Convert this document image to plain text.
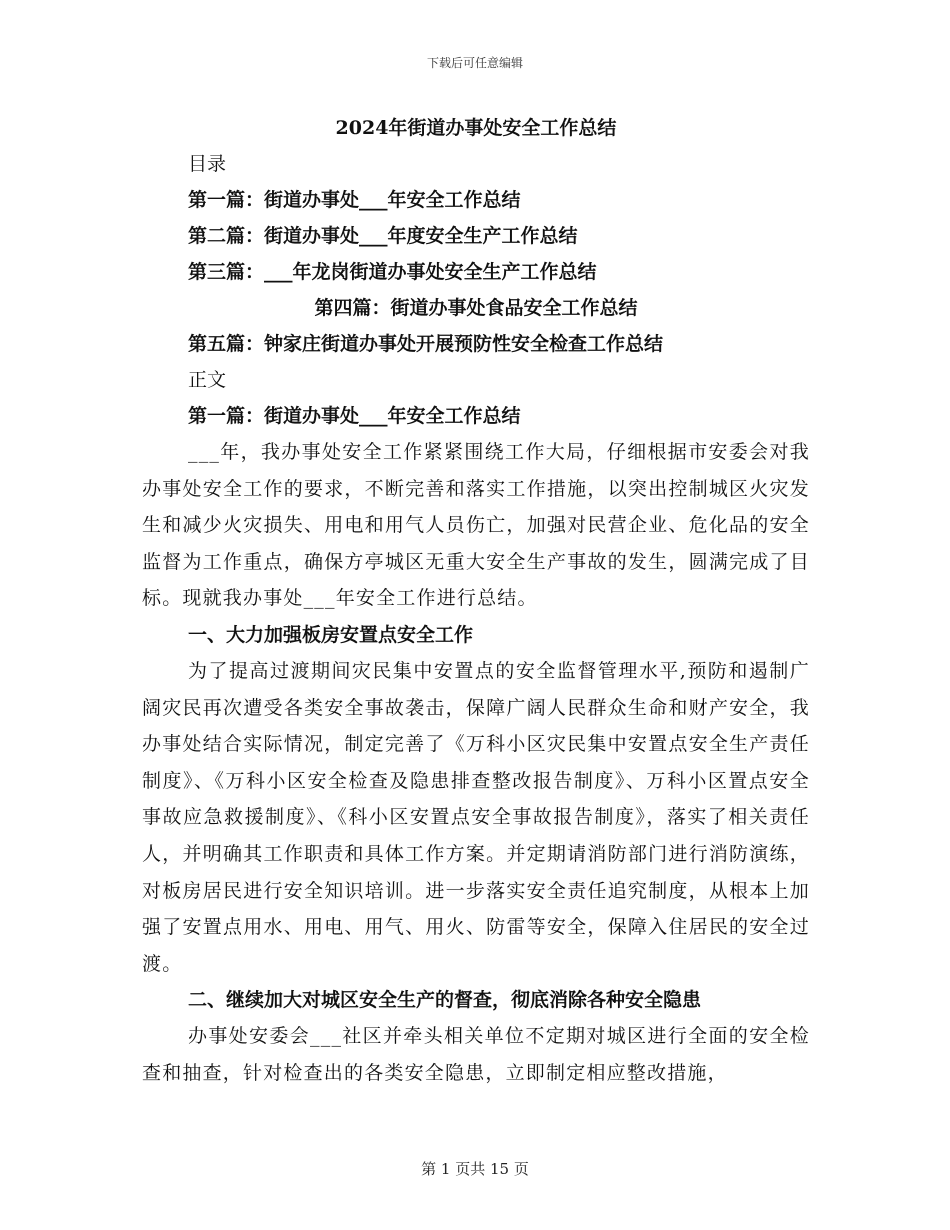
下载后可任意编辑
2024年街道办事处安全工作总结
目录
第一篇：街道办事处___年安全工作总结
第二篇：街道办事处___年度安全生产工作总结
第三篇：___年龙岗街道办事处安全生产工作总结
第四篇：街道办事处食品安全工作总结
第五篇：钟家庄街道办事处开展预防性安全检查工作总结
正文
第一篇：街道办事处___年安全工作总结

___年，我办事处安全工作紧紧围绕工作大局，仔细根据市安委会对我办事处安全工作的要求，不断完善和落实工作措施，以突出控制城区火灾发生和减少火灾损失、用电和用气人员伤亡，加强对民营企业、危化品的安全监督为工作重点，确保方亭城区无重大安全生产事故的发生，圆满完成了目标。现就我办事处___年安全工作进行总结。

一、大力加强板房安置点安全工作

为了提高过渡期间灾民集中安置点的安全监督管理水平,预防和遏制广阔灾民再次遭受各类安全事故袭击，保障广阔人民群众生命和财产安全，我办事处结合实际情况，制定完善了《万科小区灾民集中安置点安全生产责任制度》、《万科小区安全检查及隐患排查整改报告制度》、万科小区置点安全事故应急救援制度》、《科小区安置点安全事故报告制度》，落实了相关责任人，并明确其工作职责和具体工作方案。并定期请消防部门进行消防演练，对板房居民进行安全知识培训。进一步落实安全责任追究制度，从根本上加强了安置点用水、用电、用气、用火、防雷等安全，保障入住居民的安全过渡。

二、继续加大对城区安全生产的督查，彻底消除各种安全隐患

办事处安委会___社区并牵头相关单位不定期对城区进行全面的安全检查和抽查，针对检查出的各类安全隐患，立即制定相应整改措施，

第 1 页共 15 页
